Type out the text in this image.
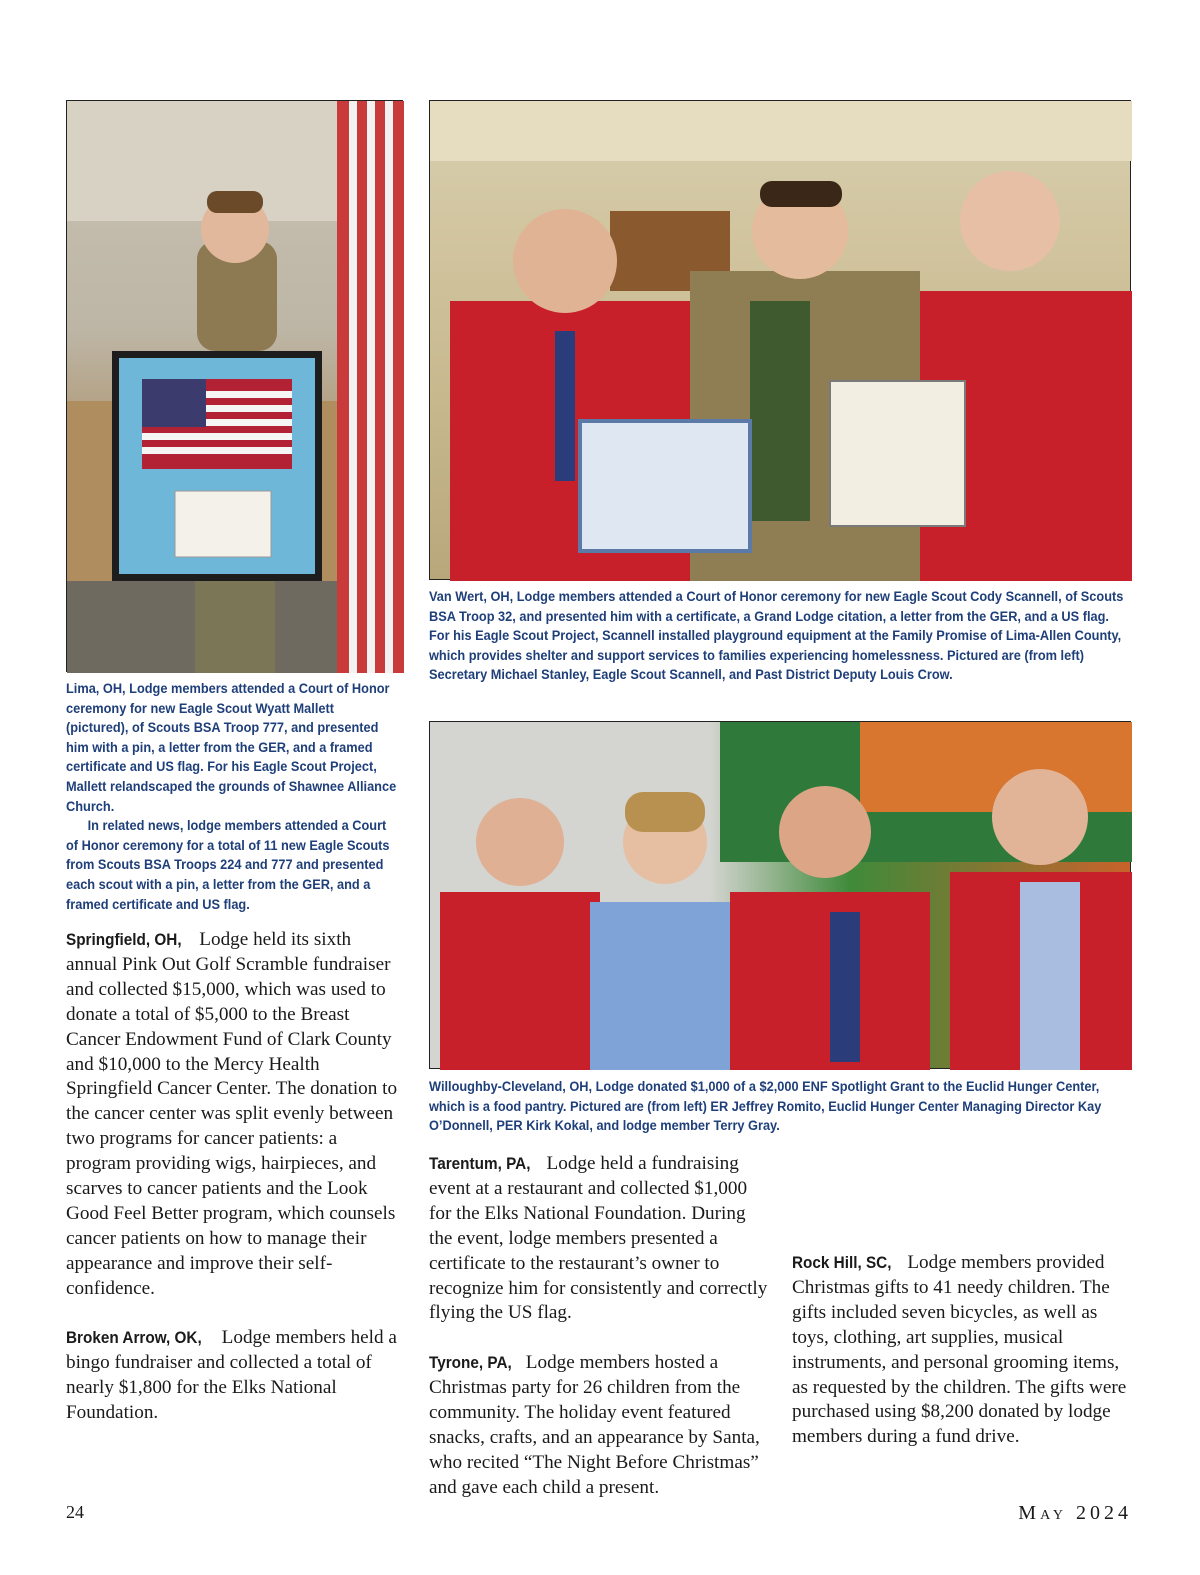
Lima, OH, Lodge members attended a Court of Honor ceremony for new Eagle Scout Wyatt Mallett (pictured), of Scouts BSA Troop 777, and presented him with a pin, a letter from the GER, and a framed certificate and US flag. For his Eagle Scout Project, Mallett relandscaped the grounds of Shawnee Alliance Church.

In related news, lodge members attended a Court of Honor ceremony for a total of 11 new Eagle Scouts from Scouts BSA Troops 224 and 777 and presented each scout with a pin, a letter from the GER, and a framed certificate and US flag.

Van Wert, OH, Lodge members attended a Court of Honor ceremony for new Eagle Scout Cody Scannell, of Scouts BSA Troop 32, and presented him with a certificate, a Grand Lodge citation, a letter from the GER, and a US flag. For his Eagle Scout Project, Scannell installed playground equipment at the Family Promise of Lima-Allen County, which provides shelter and support services to families experiencing homelessness. Pictured are (from left) Secretary Michael Stanley, Eagle Scout Scannell, and Past District Deputy Louis Crow.

Willoughby-Cleveland, OH, Lodge donated $1,000 of a $2,000 ENF Spotlight Grant to the Euclid Hunger Center, which is a food pantry. Pictured are (from left) ER Jeffrey Romito, Euclid Hunger Center Managing Director Kay O’Donnell, PER Kirk Kokal, and lodge member Terry Gray.

Springfield, OH, Lodge held its sixth annual Pink Out Golf Scramble fundraiser and collected $15,000, which was used to donate a total of $5,000 to the Breast Cancer Endowment Fund of Clark County and $10,000 to the Mercy Health Springfield Cancer Center. The donation to the cancer center was split evenly between two programs for cancer patients: a program providing wigs, hairpieces, and scarves to cancer patients and the Look Good Feel Better program, which counsels cancer patients on how to manage their appearance and improve their self-confidence.

Broken Arrow, OK, Lodge members held a bingo fundraiser and collected a total of nearly $1,800 for the Elks National Foundation.

Tarentum, PA, Lodge held a fundraising event at a restaurant and collected $1,000 for the Elks National Foundation. During the event, lodge members presented a certificate to the restaurant’s owner to recognize him for consistently and correctly flying the US flag.

Tyrone, PA, Lodge members hosted a Christmas party for 26 children from the community. The holiday event featured snacks, crafts, and an appearance by Santa, who recited “The Night Before Christmas” and gave each child a present.

Rock Hill, SC, Lodge members provided Christmas gifts to 41 needy children. The gifts included seven bicycles, as well as toys, clothing, art supplies, musical instruments, and personal grooming items, as requested by the children. The gifts were purchased using $8,200 donated by lodge members during a fund drive.

24	May 2024
